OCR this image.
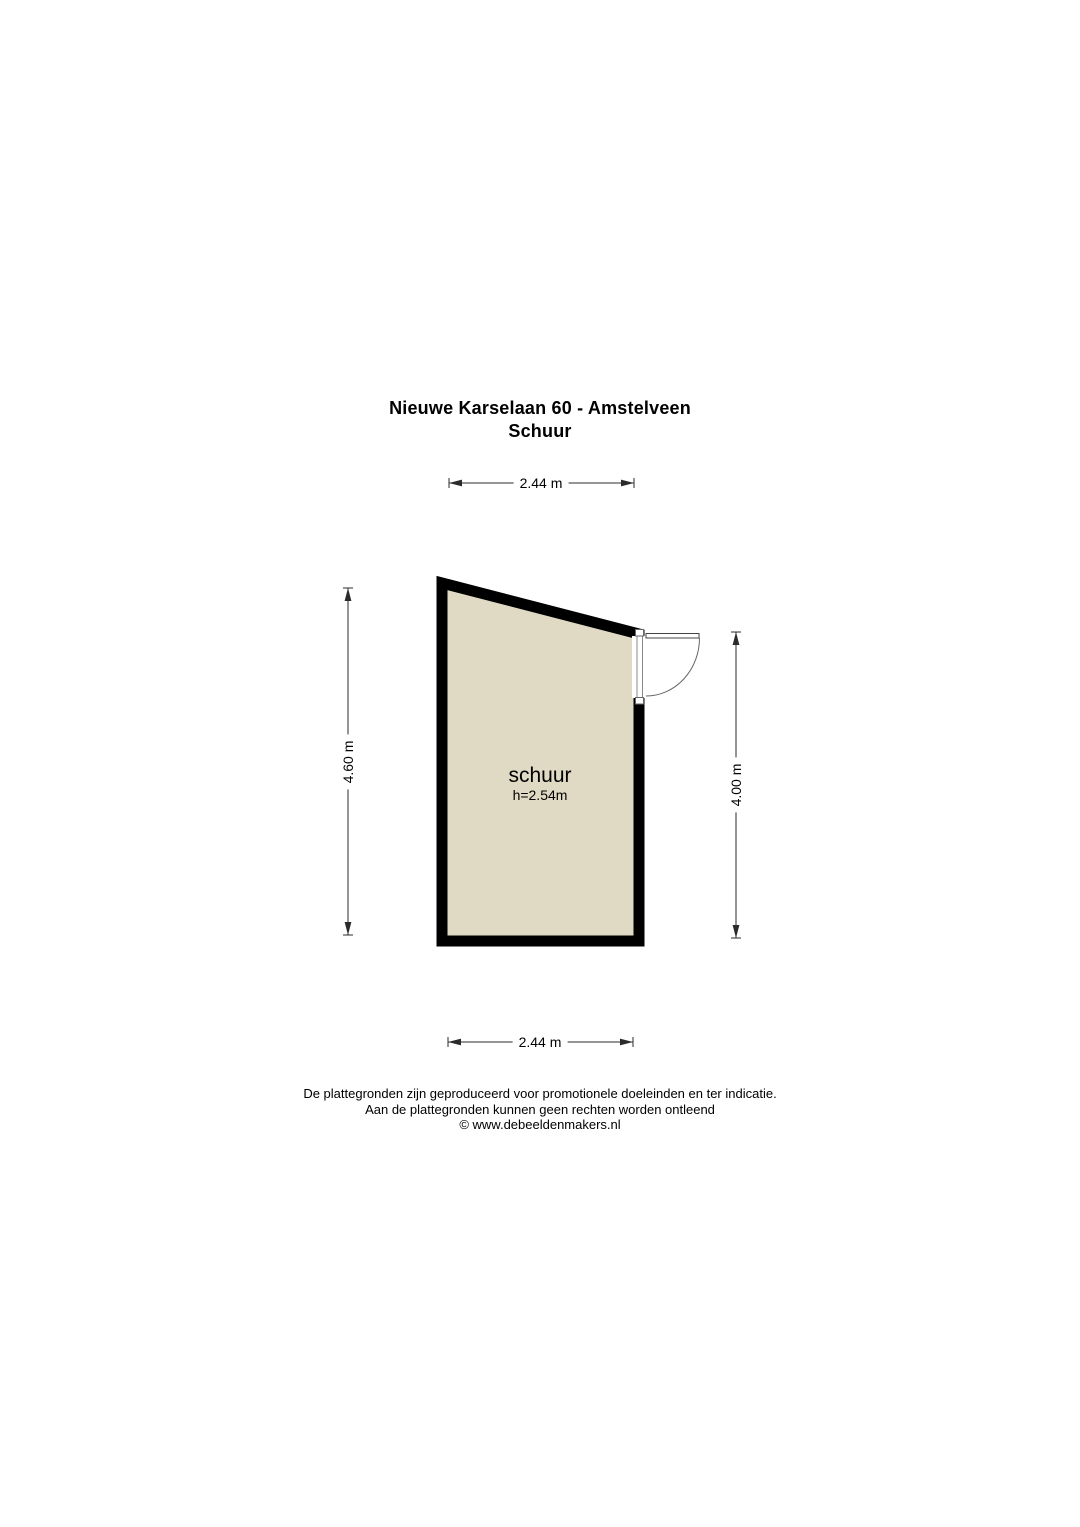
Nieuwe Karselaan 60 - Amstelveen
Schuur
2.44 m
4.60 m
4.00 m
2.44 m
schuur
h=2.54m
De plattegronden zijn geproduceerd voor promotionele doeleinden en ter indicatie.
Aan de plattegronden kunnen geen rechten worden ontleend
© www.debeeldenmakers.nl
